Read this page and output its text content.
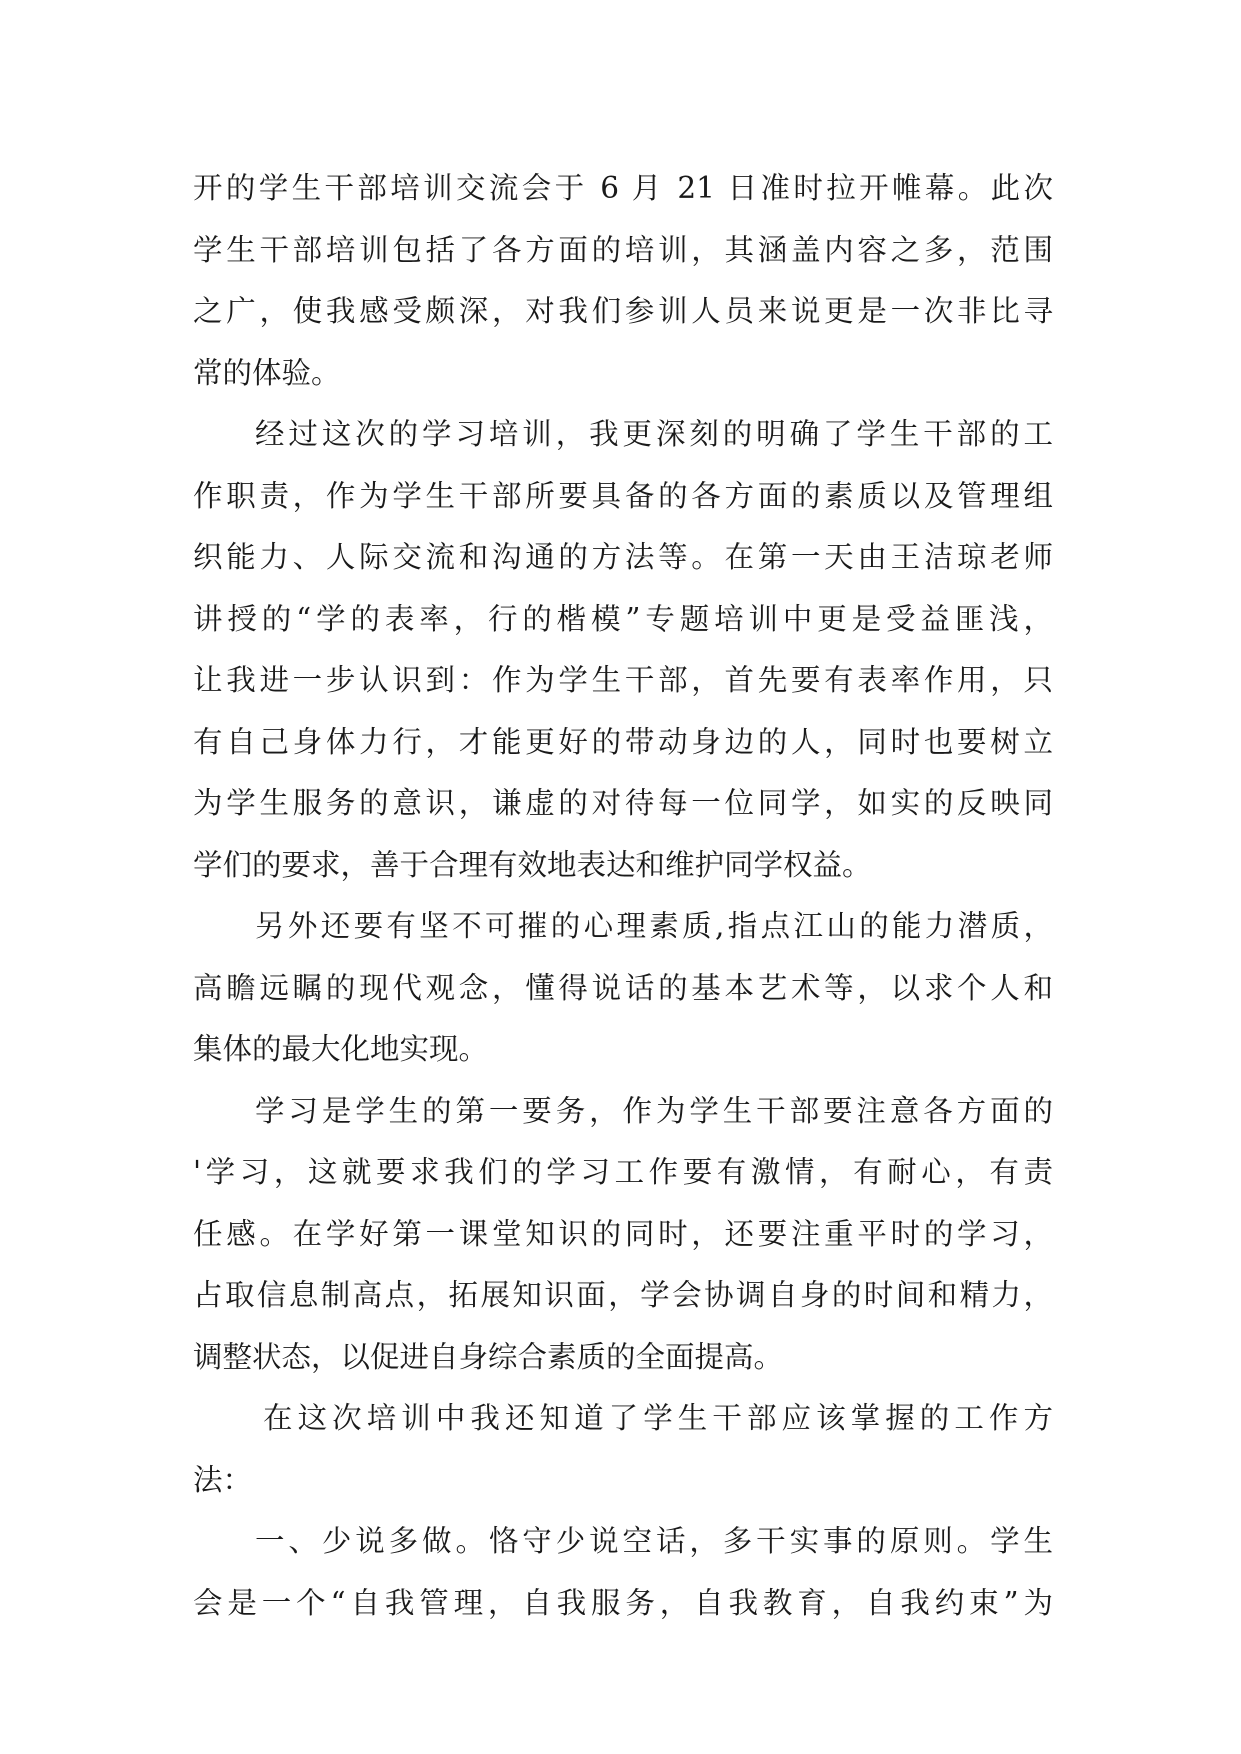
开的学生干部培训交流会于 6 月 21 日准时拉开帷幕。此次
学生干部培训包括了各方面的培训，其涵盖内容之多，范围
之广，使我感受颇深，对我们参训人员来说更是一次非比寻
常的体验。
经过这次的学习培训，我更深刻的明确了学生干部的工
作职责，作为学生干部所要具备的各方面的素质以及管理组
织能力、人际交流和沟通的方法等。在第一天由王洁琼老师
讲授的“学的表率，行的楷模”专题培训中更是受益匪浅，
让我进一步认识到：作为学生干部，首先要有表率作用，只
有自己身体力行，才能更好的带动身边的人，同时也要树立
为学生服务的意识，谦虚的对待每一位同学，如实的反映同
学们的要求，善于合理有效地表达和维护同学权益。
另外还要有坚不可摧的心理素质,指点江山的能力潜质，
高瞻远瞩的现代观念，懂得说话的基本艺术等，以求个人和
集体的最大化地实现。
学习是学生的第一要务，作为学生干部要注意各方面的
'学习，这就要求我们的学习工作要有激情，有耐心，有责
任感。在学好第一课堂知识的同时，还要注重平时的学习，
占取信息制高点，拓展知识面，学会协调自身的时间和精力，
调整状态，以促进自身综合素质的全面提高。
在这次培训中我还知道了学生干部应该掌握的工作方
法：
一、少说多做。恪守少说空话，多干实事的原则。学生
会是一个“自我管理，自我服务，自我教育，自我约束”为
